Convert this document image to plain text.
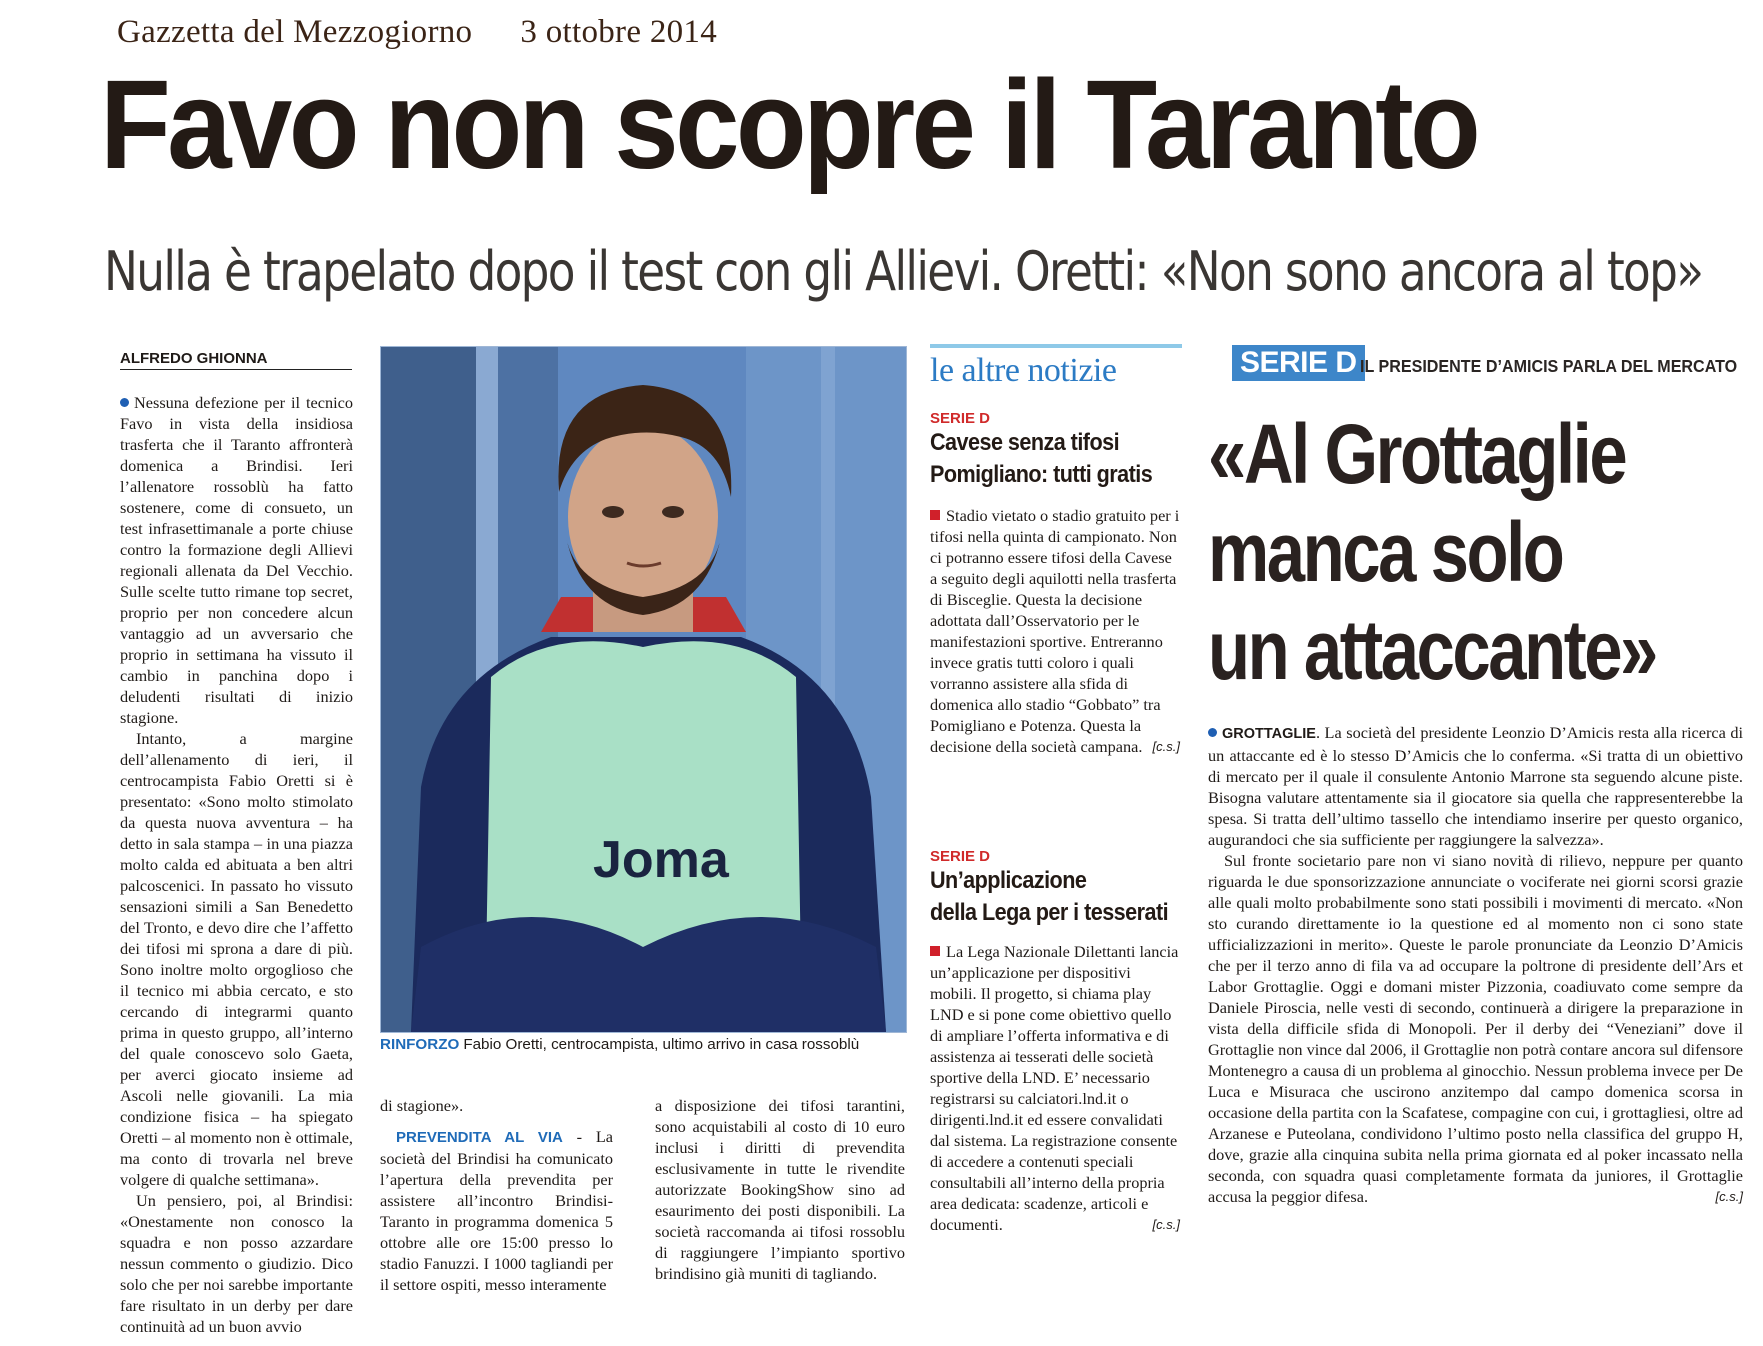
Gazzetta del Mezzogiorno 3 ottobre 2014
Favo non scopre il Taranto
Nulla è trapelato dopo il test con gli Allievi. Oretti: «Non sono ancora al top»
ALFREDO GHIONNA

Nessuna defezione per il tecnico Favo in vista della insidiosa trasferta che il Taranto affronterà domenica a Brindisi. Ieri l’allenatore rossoblù ha fatto sostenere, come di consueto, un test infrasettimanale a porte chiuse contro la formazione degli Allievi regionali allenata da Del Vecchio. Sulle scelte tutto rimane top secret, proprio per non concedere alcun vantaggio ad un avversario che proprio in settimana ha vissuto il cambio in panchina dopo i deludenti risultati di inizio stagione.

Intanto, a margine dell’allenamento di ieri, il centrocampista Fabio Oretti si è presentato: «Sono molto stimolato da questa nuova avventura – ha detto in sala stampa – in una piazza molto calda ed abituata a ben altri palcoscenici. In passato ho vissuto sensazioni simili a San Benedetto del Tronto, e devo dire che l’affetto dei tifosi mi sprona a dare di più. Sono inoltre molto orgoglioso che il tecnico mi abbia cercato, e sto cercando di integrarmi quanto prima in questo gruppo, all’interno del quale conoscevo solo Gaeta, per averci giocato insieme ad Ascoli nelle giovanili. La mia condizione fisica – ha spiegato Oretti – al momento non è ottimale, ma conto di trovarla nel breve volgere di qualche settimana».

Un pensiero, poi, al Brindisi: «Onestamente non conosco la squadra e non posso azzardare nessun commento o giudizio. Dico solo che per noi sarebbe importante fare risultato in un derby per dare continuità ad un buon avvio

Joma
RINFORZO Fabio Oretti, centrocampista, ultimo arrivo in casa rossoblù

di stagione».

PREVENDITA AL VIA - La società del Brindisi ha comunicato l’apertura della prevendita per assistere all’incontro Brindisi-Taranto in programma domenica 5 ottobre alle ore 15:00 presso lo stadio Fanuzzi. I 1000 tagliandi per il settore ospiti, messo interamente

a disposizione dei tifosi tarantini, sono acquistabili al costo di 10 euro inclusi i diritti di prevendita esclusivamente in tutte le rivendite autorizzate BookingShow sino ad esaurimento dei posti disponibili. La società raccomanda ai tifosi rossoblu di raggiungere l’impianto sportivo brindisino già muniti di tagliando.

le altre notizie
SERIE D
Cavese senza tifosi
Pomigliano: tutti gratis
Stadio vietato o stadio gratuito per i tifosi nella quinta di campionato. Non ci potranno essere tifosi della Cavese a seguito degli aquilotti nella trasferta di Bisceglie. Questa la decisione adottata dall’Osservatorio per le manifestazioni sportive. Entreranno invece gratis tutti coloro i quali vorranno assistere alla sfida di domenica allo stadio “Gobbato” tra Pomigliano e Potenza. Questa la decisione della società campana. [c.s.]
SERIE D
Un’applicazione
della Lega per i tesserati
La Lega Nazionale Dilettanti lancia un’applicazione per dispositivi mobili. Il progetto, si chiama play LND e si pone come obiettivo quello di ampliare l’offerta informativa e di assistenza ai tesserati delle società sportive della LND. E’ necessario registrarsi su calciatori.lnd.it o dirigenti.lnd.it ed essere convalidati dal sistema. La registrazione consente di accedere a contenuti speciali consultabili all’interno della propria area dedicata: scadenze, articoli e documenti.	[c.s.]
SERIE D IL PRESIDENTE D’AMICIS PARLA DEL MERCATO
«Al Grottaglie
manca solo
un attaccante»

GROTTAGLIE. La società del presidente Leonzio D’Amicis resta alla ricerca di un attaccante ed è lo stesso D’Amicis che lo conferma. «Si tratta di un obiettivo di mercato per il quale il consulente Antonio Marrone sta seguendo alcune piste. Bisogna valutare attentamente sia il giocatore sia quella che rappresenterebbe la spesa. Si tratta dell’ultimo tassello che intendiamo inserire per questo organico, augurandoci che sia sufficiente per raggiungere la salvezza».

Sul fronte societario pare non vi siano novità di rilievo, neppure per quanto riguarda le due sponsorizzazione annunciate o vociferate nei giorni scorsi grazie alle quali molto probabilmente sono stati possibili i movimenti di mercato. «Non sto curando direttamente io la questione ed al momento non ci sono state ufficializzazioni in merito». Queste le parole pronunciate da Leonzio D’Amicis che per il terzo anno di fila va ad occupare la poltrone di presidente dell’Ars et Labor Grottaglie. Oggi e domani mister Pizzonia, coadiuvato come sempre da Daniele Piroscia, nelle vesti di secondo, continuerà a dirigere la preparazione in vista della difficile sfida di Monopoli. Per il derby dei “Veneziani” dove il Grottaglie non vince dal 2006, il Grottaglie non potrà contare ancora sul difensore Montenegro a causa di un problema al ginocchio. Nessun problema invece per De Luca e Misuraca che uscirono anzitempo dal campo domenica scorsa in occasione della partita con la Scafatese, compagine con cui, i grottagliesi, oltre ad Arzanese e Puteolana, condividono l’ultimo posto nella classifica del gruppo H, dove, grazie alla cinquina subita nella prima giornata ed al poker incassato nella seconda, con squadra quasi completamente formata da juniores, il Grottaglie accusa la peggior difesa.	[c.s.]
